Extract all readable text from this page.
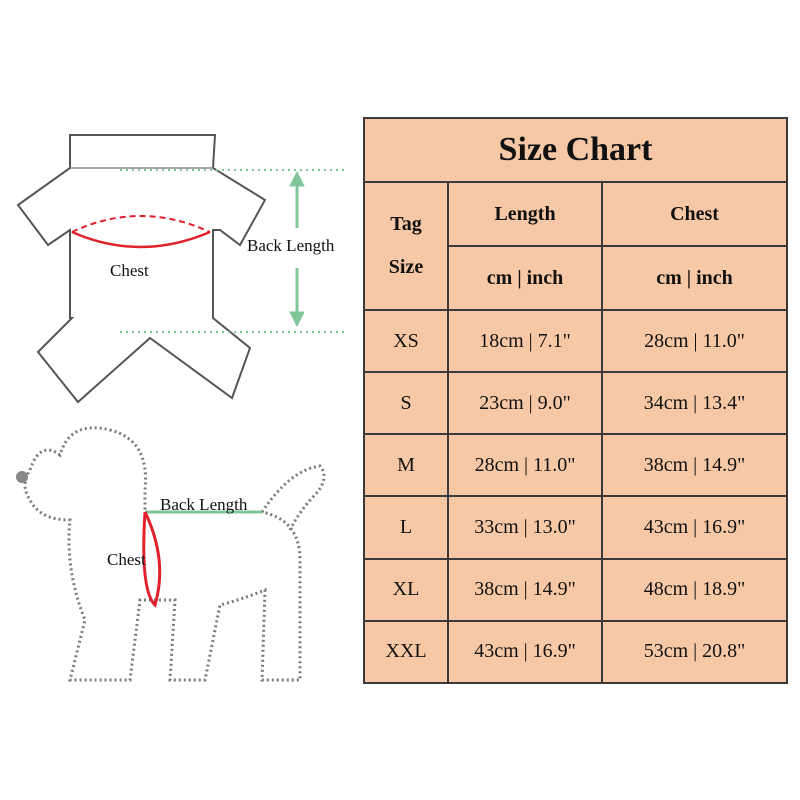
Chest
Back Length
Back Length
Chest
Size Chart		

Tag
Size	Length	Chest
	cm | inch	cm | inch
XS	18cm | 7.1"	28cm | 11.0"
S	23cm | 9.0"	34cm | 13.4"
M	28cm | 11.0"	38cm | 14.9"
L	33cm | 13.0"	43cm | 16.9"
XL	38cm | 14.9"	48cm | 18.9"
XXL	43cm | 16.9"	53cm | 20.8"
